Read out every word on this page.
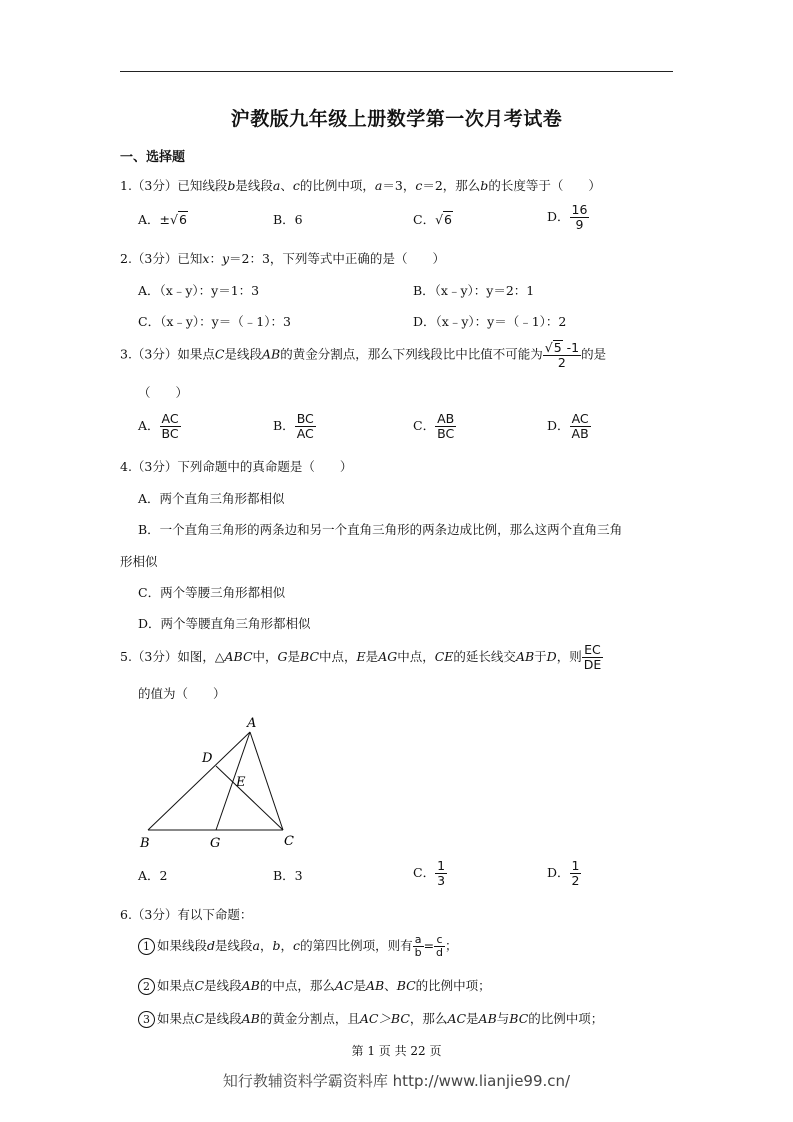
沪教版九年级上册数学第一次月考试卷
一、选择题
1.（3分）已知线段b是线段a、c的比例中项，a＝3，c＝2，那么b的长度等于（　　）
A．±√6	B．6	C．√6	D． $\frac{16}{9}$
2.（3分）已知x：y＝2：3，下列等式中正确的是（　　）
A．（x﹣y）：y＝1：3	B．（x﹣y）：y＝2：1
C．（x﹣y）：y＝（﹣1）：3	D．（x﹣y）：y＝（﹣1）：2
3.（3分）如果点C是线段AB的黄金分割点，那么下列线段比中比值不可能为 $\frac{√5 -1}{2}$ 的是
（　　）
A． $\frac{AC}{BC}$	B． $\frac{BC}{AC}$	C． $\frac{AB}{BC}$	D． $\frac{AC}{AB}$
4.（3分）下列命题中的真命题是（　　）
A．两个直角三角形都相似
B．一个直角三角形的两条边和另一个直角三角形的两条边成比例，那么这两个直角三角
形相似
C．两个等腰三角形都相似
D．两个等腰直角三角形都相似
5.（3分）如图，△ABC中，G是BC中点，E是AG中点，CE的延长线交AB于D，则 $\frac{EC}{DE}$
的值为（　　）
A
B	C
D
E
G
A．2	B．3	C． $\frac{1}{3}$	D． $\frac{1}{2}$
6.（3分）有以下命题：
1 如果线段d是线段a，b，c的第四比例项，则有 $\frac{a}{b} = \frac{c}{d}$ ；
2 如果点C是线段AB的中点，那么AC是AB、BC的比例中项；
3 如果点C是线段AB的黄金分割点，且AC＞BC，那么AC是AB与BC的比例中项；
第 1 页 共 22 页
知行教辅资料学霸资料库 http://www.lianjie99.cn/
